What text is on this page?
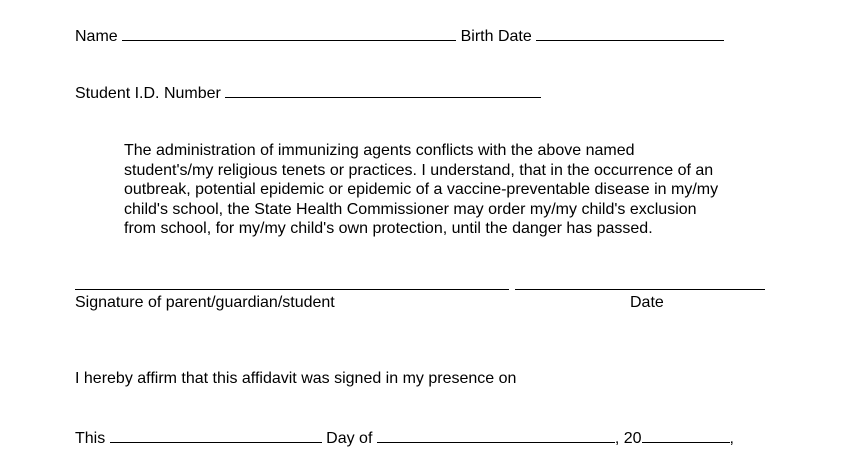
Name	Birth Date
Student I.D. Number
The administration of immunizing agents conflicts with the above named
student's/my religious tenets or practices. I understand, that in the occurrence of an
outbreak, potential epidemic or epidemic of a vaccine-preventable disease in my/my
child's school, the State Health Commissioner may order my/my child's exclusion
from school, for my/my child's own protection, until the danger has passed.
Signature of parent/guardian/student	Date
I hereby affirm that this affidavit was signed in my presence on
This	Day of	, 20	,
